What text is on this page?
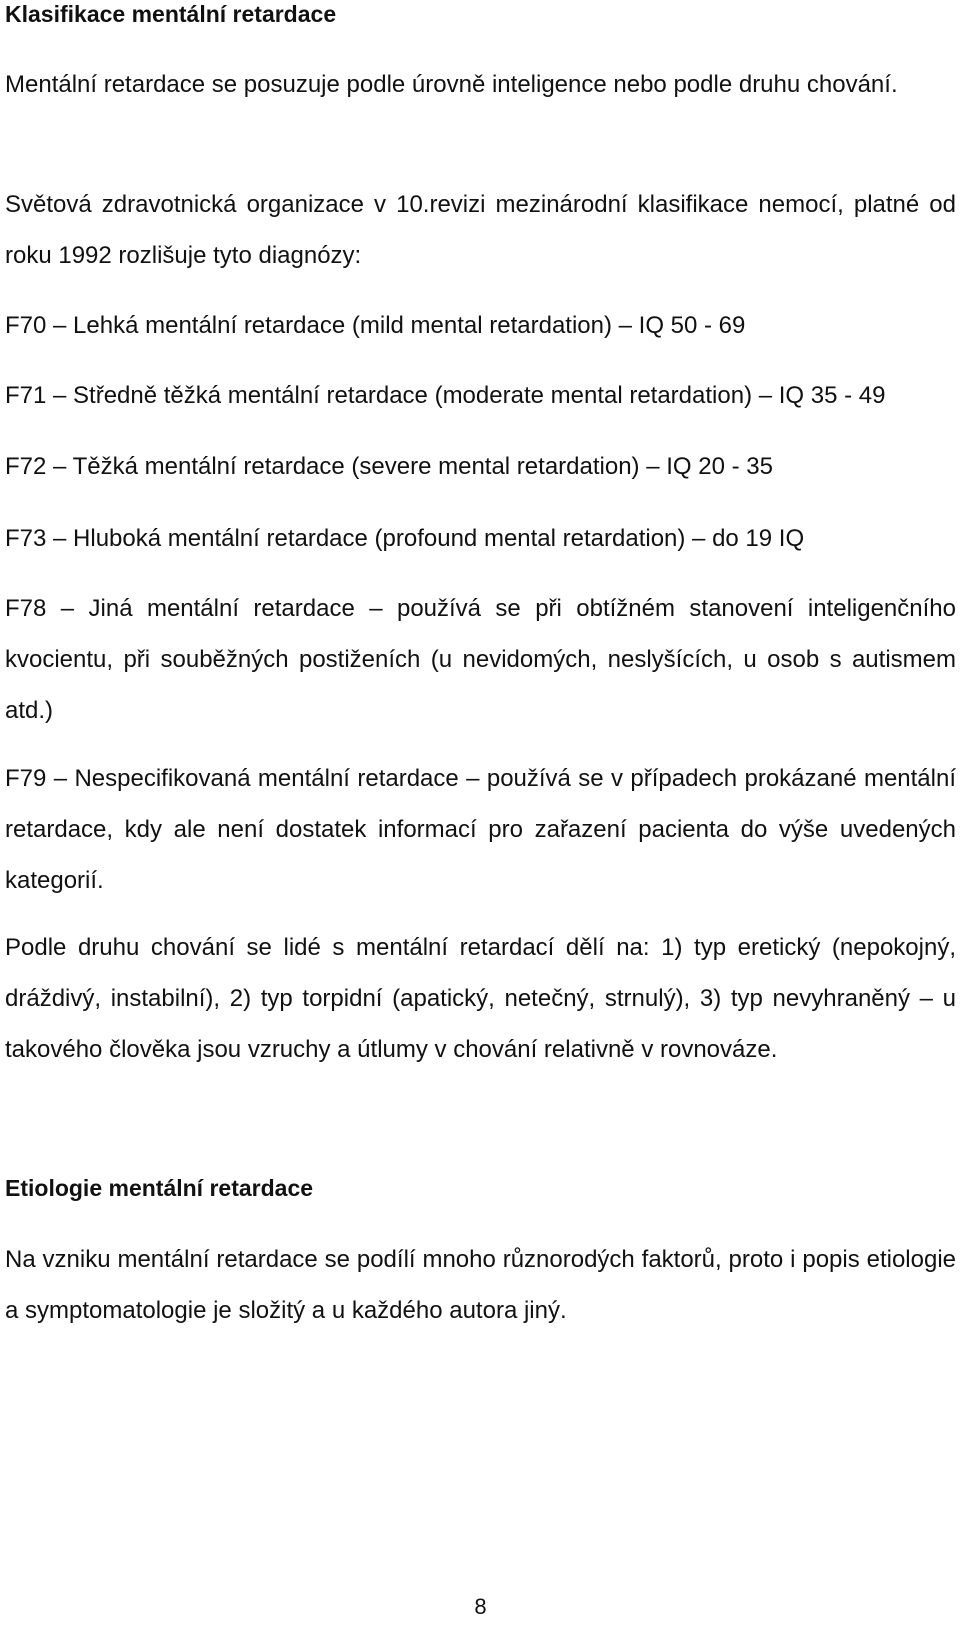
Klasifikace mentální retardace

Mentální retardace se posuzuje podle úrovně inteligence nebo podle druhu chování.

Světová zdravotnická organizace v 10.revizi mezinárodní klasifikace nemocí, platné od roku 1992 rozlišuje tyto diagnózy:

F70 – Lehká mentální retardace (mild mental retardation) – IQ 50 - 69

F71 – Středně těžká mentální retardace (moderate mental retardation) – IQ 35 - 49

F72 – Těžká mentální retardace (severe mental retardation) – IQ 20 - 35

F73 – Hluboká mentální retardace (profound mental retardation) – do 19 IQ

F78 – Jiná mentální retardace – používá se při obtížném stanovení inteligenčního kvocientu, při souběžných postiženích (u nevidomých, neslyšících, u osob s autismem atd.)

F79 – Nespecifikovaná mentální retardace – používá se v případech prokázané mentální retardace, kdy ale není dostatek informací pro zařazení pacienta do výše uvedených kategorií.

Podle druhu chování se lidé s mentální retardací dělí na: 1) typ eretický (nepokojný, dráždivý, instabilní), 2) typ torpidní (apatický, netečný, strnulý), 3) typ nevyhraněný – u takového člověka jsou vzruchy a útlumy v chování relativně v rovnováze.

Etiologie mentální retardace

Na vzniku mentální retardace se podílí mnoho různorodých faktorů, proto i popis etiologie a symptomatologie je složitý a u každého autora jiný.

8
